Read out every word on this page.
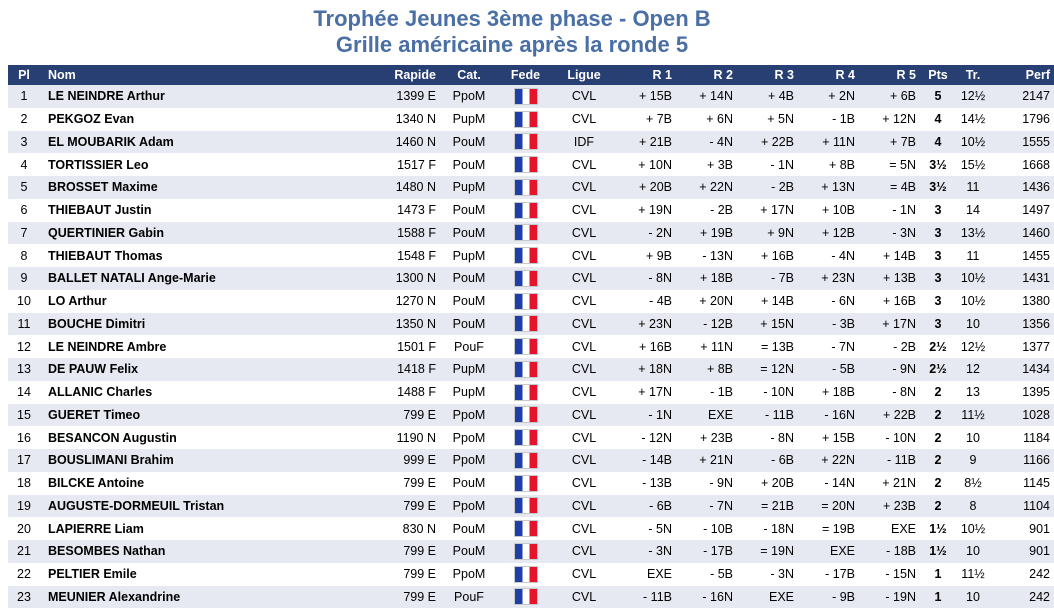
Trophée Jeunes 3ème phase - Open B
Grille américaine après la ronde 5
Pl	Nom	Rapide	Cat.	Fede	Ligue	R 1	R 2	R 3	R 4	R 5	Pts	Tr.	Perf
1	LE NEINDRE Arthur	1399 E	PpoM		CVL	+ 15B	+ 14N	+ 4B	+ 2N	+ 6B	5	12½	2147
2	PEKGOZ Evan	1340 N	PupM		CVL	+ 7B	+ 6N	+ 5N	- 1B	+ 12N	4	14½	1796
3	EL MOUBARIK Adam	1460 N	PouM		IDF	+ 21B	- 4N	+ 22B	+ 11N	+ 7B	4	10½	1555
4	TORTISSIER Leo	1517 F	PouM		CVL	+ 10N	+ 3B	- 1N	+ 8B	= 5N	3½	15½	1668
5	BROSSET Maxime	1480 N	PupM		CVL	+ 20B	+ 22N	- 2B	+ 13N	= 4B	3½	11	1436
6	THIEBAUT Justin	1473 F	PouM		CVL	+ 19N	- 2B	+ 17N	+ 10B	- 1N	3	14	1497
7	QUERTINIER Gabin	1588 F	PouM		CVL	- 2N	+ 19B	+ 9N	+ 12B	- 3N	3	13½	1460
8	THIEBAUT Thomas	1548 F	PupM		CVL	+ 9B	- 13N	+ 16B	- 4N	+ 14B	3	11	1455
9	BALLET NATALI Ange-Marie	1300 N	PouM		CVL	- 8N	+ 18B	- 7B	+ 23N	+ 13B	3	10½	1431
10	LO Arthur	1270 N	PouM		CVL	- 4B	+ 20N	+ 14B	- 6N	+ 16B	3	10½	1380
11	BOUCHE Dimitri	1350 N	PouM		CVL	+ 23N	- 12B	+ 15N	- 3B	+ 17N	3	10	1356
12	LE NEINDRE Ambre	1501 F	PouF		CVL	+ 16B	+ 11N	= 13B	- 7N	- 2B	2½	12½	1377
13	DE PAUW Felix	1418 F	PupM		CVL	+ 18N	+ 8B	= 12N	- 5B	- 9N	2½	12	1434
14	ALLANIC Charles	1488 F	PupM		CVL	+ 17N	- 1B	- 10N	+ 18B	- 8N	2	13	1395
15	GUERET Timeo	799 E	PpoM		CVL	- 1N	EXE	- 11B	- 16N	+ 22B	2	11½	1028
16	BESANCON Augustin	1190 N	PpoM		CVL	- 12N	+ 23B	- 8N	+ 15B	- 10N	2	10	1184
17	BOUSLIMANI Brahim	999 E	PpoM		CVL	- 14B	+ 21N	- 6B	+ 22N	- 11B	2	9	1166
18	BILCKE Antoine	799 E	PouM		CVL	- 13B	- 9N	+ 20B	- 14N	+ 21N	2	8½	1145
19	AUGUSTE-DORMEUIL Tristan	799 E	PpoM		CVL	- 6B	- 7N	= 21B	= 20N	+ 23B	2	8	1104
20	LAPIERRE Liam	830 N	PouM		CVL	- 5N	- 10B	- 18N	= 19B	EXE	1½	10½	901
21	BESOMBES Nathan	799 E	PouM		CVL	- 3N	- 17B	= 19N	EXE	- 18B	1½	10	901
22	PELTIER Emile	799 E	PpoM		CVL	EXE	- 5B	- 3N	- 17B	- 15N	1	11½	242
23	MEUNIER Alexandrine	799 E	PouF		CVL	- 11B	- 16N	EXE	- 9B	- 19N	1	10	242
